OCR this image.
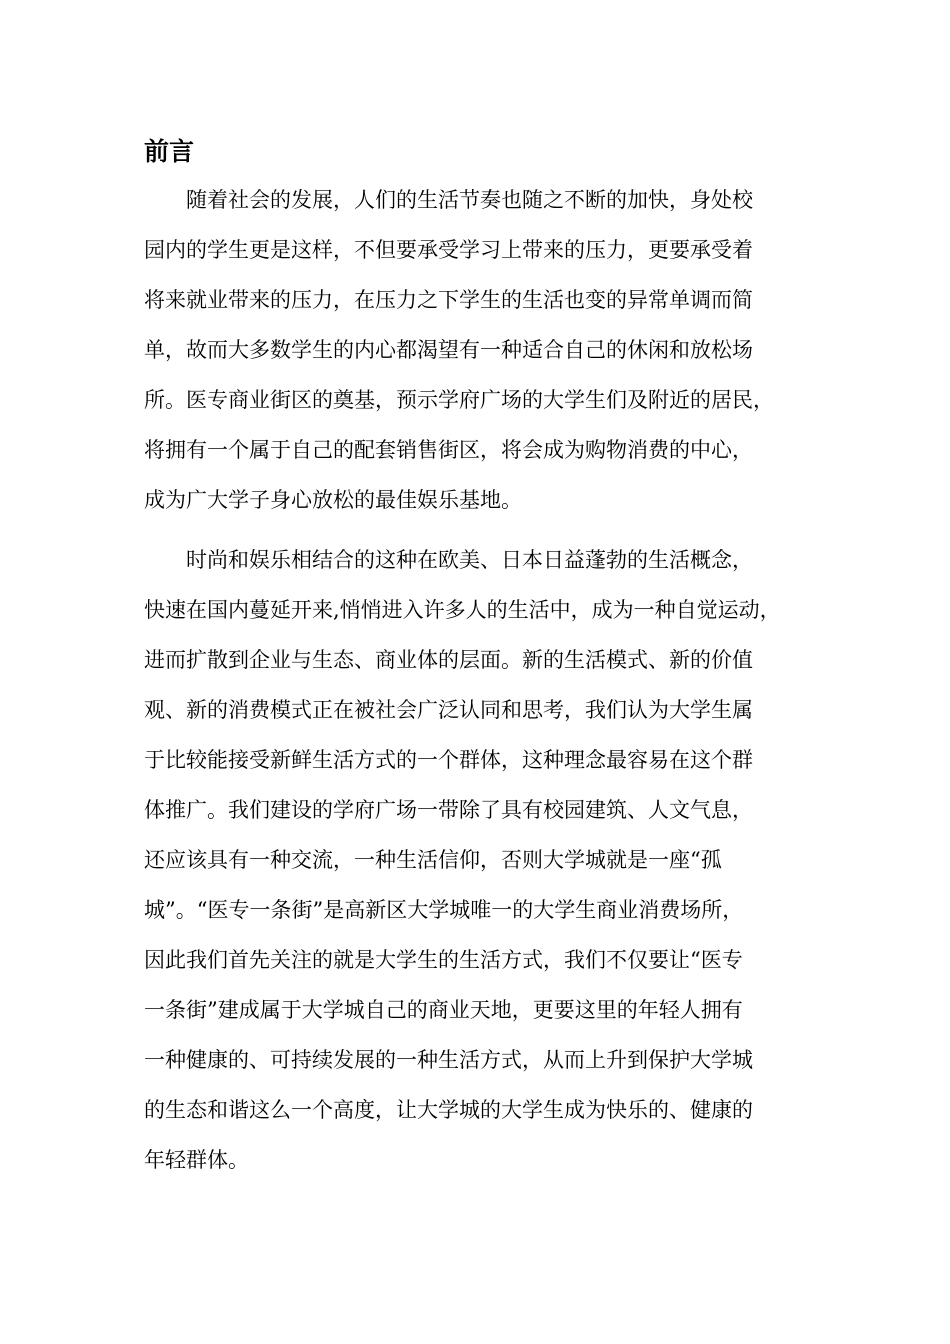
前言

　　随着社会的发展，人们的生活节奏也随之不断的加快，身处校

园内的学生更是这样，不但要承受学习上带来的压力，更要承受着

将来就业带来的压力，在压力之下学生的生活也变的异常单调而简

单，故而大多数学生的内心都渴望有一种适合自己的休闲和放松场

所。医专商业街区的奠基，预示学府广场的大学生们及附近的居民，

将拥有一个属于自己的配套销售街区，将会成为购物消费的中心，

成为广大学子身心放松的最佳娱乐基地。

　　时尚和娱乐相结合的这种在欧美、日本日益蓬勃的生活概念，

快速在国内蔓延开来,悄悄进入许多人的生活中，成为一种自觉运动，

进而扩散到企业与生态、商业体的层面。新的生活模式、新的价值

观、新的消费模式正在被社会广泛认同和思考，我们认为大学生属

于比较能接受新鲜生活方式的一个群体，这种理念最容易在这个群

体推广。我们建设的学府广场一带除了具有校园建筑、人文气息，

还应该具有一种交流，一种生活信仰，否则大学城就是一座“孤

城”。“医专一条街”是高新区大学城唯一的大学生商业消费场所，

因此我们首先关注的就是大学生的生活方式，我们不仅要让“医专

一条街”建成属于大学城自己的商业天地，更要这里的年轻人拥有

一种健康的、可持续发展的一种生活方式，从而上升到保护大学城

的生态和谐这么一个高度，让大学城的大学生成为快乐的、健康的

年轻群体。
